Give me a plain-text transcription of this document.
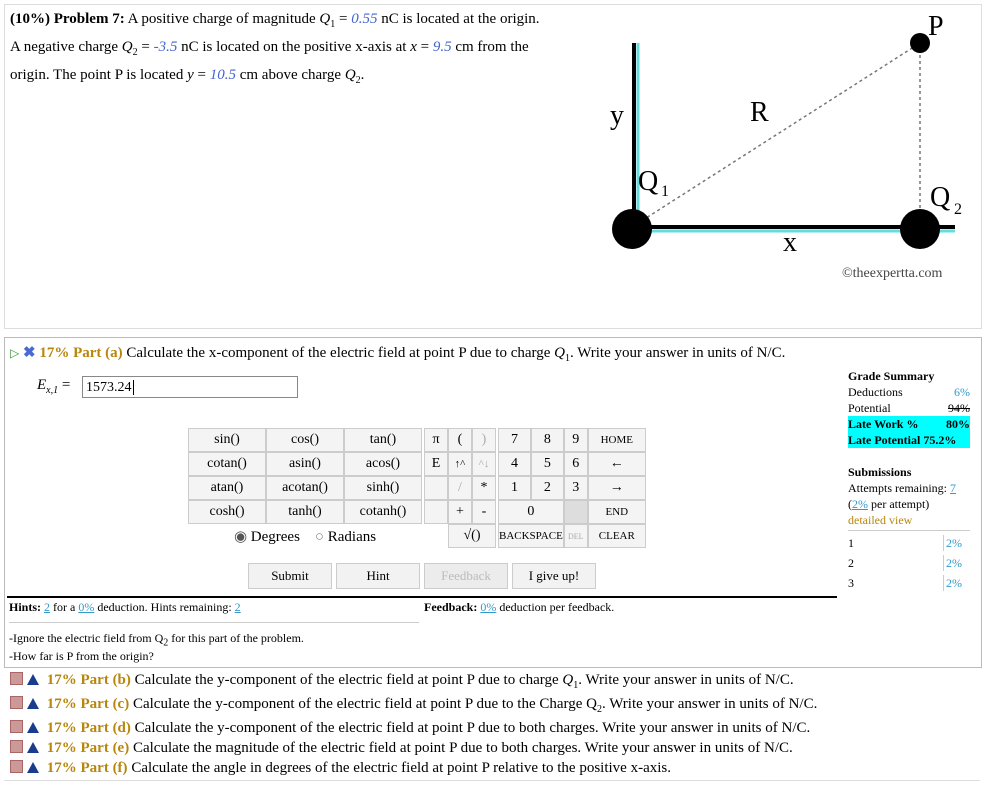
(10%) Problem 7: A positive charge of magnitude $Q_1 = 0.55$ nC is located at the origin.
A negative charge $Q_2 = -3.5$ nC is located on the positive x-axis at x = 9.5 cm from the
origin. The point P is located y = 10.5 cm above charge $Q_2$.
P
y	R
Q 1	Q 2
x
©theexpertta.com
▷ ✖ 17% Part (a) Calculate the x-component of the electric field at point P due to charge $Q_1$. Write your answer in units of N/C.
$E_{x,1} = 1573.24$
sin()	cos()	tan()		π	(	)		7	8	9	HOME
cotan()	asin()	acos()		E	↑^	^↓		4	5	6	←
atan()	acotan()	sinh()			/	*		1	2	3	→
cosh()	tanh()	cotanh()			+	-		0			END
◉ Degrees ○ Radians					√()			BACKSPACE		DEL	CLEAR
Submit	Hint	Feedback	I give up!
Hints: 2 for a 0% deduction. Hints remaining: 2
-Ignore the electric field from $Q_2$ for this part of the problem.
-How far is P from the origin?
Feedback: 0% deduction per feedback.
Grade Summary
Deductions	6%
Potential	94%
Late Work % 80%
Late Potential 75.2%
Submissions
Attempts remaining: 7
(2% per attempt)
detailed view
1	2%
2	2%
3	2%
17% Part (b) Calculate the y-component of the electric field at point P due to charge $Q_1$. Write your answer in units of N/C.
17% Part (c) Calculate the y-component of the electric field at point P due to the Charge $Q_2$. Write your answer in units of N/C.
17% Part (d) Calculate the y-component of the electric field at point P due to both charges. Write your answer in units of N/C.
17% Part (e) Calculate the magnitude of the electric field at point P due to both charges. Write your answer in units of N/C.
17% Part (f) Calculate the angle in degrees of the electric field at point P relative to the positive x-axis.
